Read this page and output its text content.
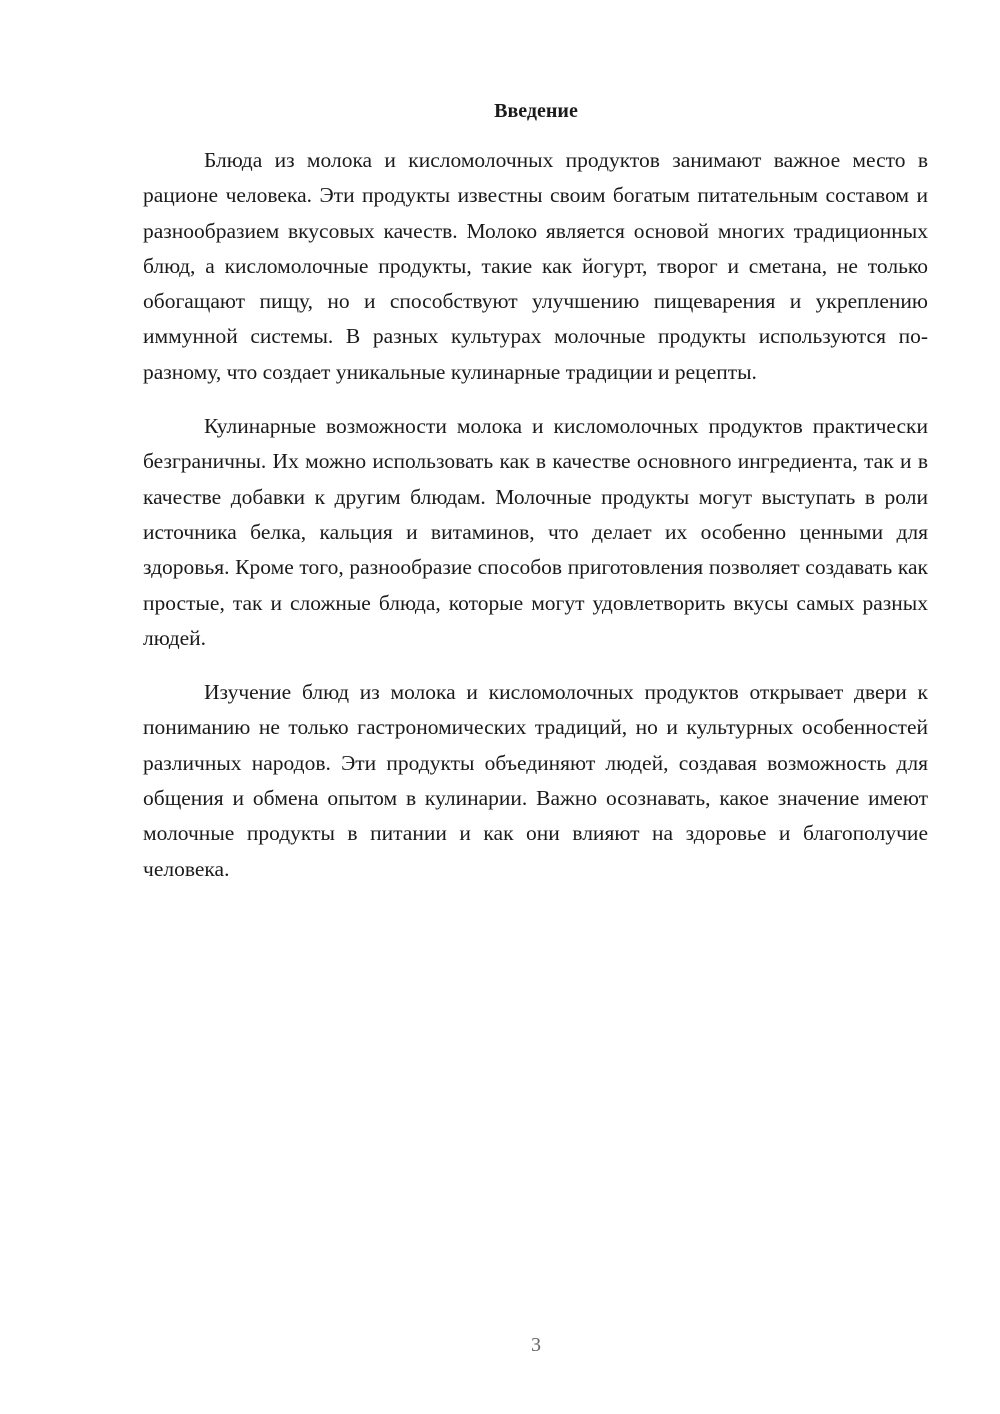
Введение

Блюда из молока и кисломолочных продуктов занимают важное место в рационе человека. Эти продукты известны своим богатым питательным составом и разнообразием вкусовых качеств. Молоко является основой многих традиционных блюд, а кисломолочные продукты, такие как йогурт, творог и сметана, не только обогащают пищу, но и способствуют улучшению пищеварения и укреплению иммунной системы. В разных культурах молочные продукты используются по-разному, что создает уникальные кулинарные традиции и рецепты.

Кулинарные возможности молока и кисломолочных продуктов практически безграничны. Их можно использовать как в качестве основного ингредиента, так и в качестве добавки к другим блюдам. Молочные продукты могут выступать в роли источника белка, кальция и витаминов, что делает их особенно ценными для здоровья. Кроме того, разнообразие способов приготовления позволяет создавать как простые, так и сложные блюда, которые могут удовлетворить вкусы самых разных людей.

Изучение блюд из молока и кисломолочных продуктов открывает двери к пониманию не только гастрономических традиций, но и культурных особенностей различных народов. Эти продукты объединяют людей, создавая возможность для общения и обмена опытом в кулинарии. Важно осознавать, какое значение имеют молочные продукты в питании и как они влияют на здоровье и благополучие человека.

3
